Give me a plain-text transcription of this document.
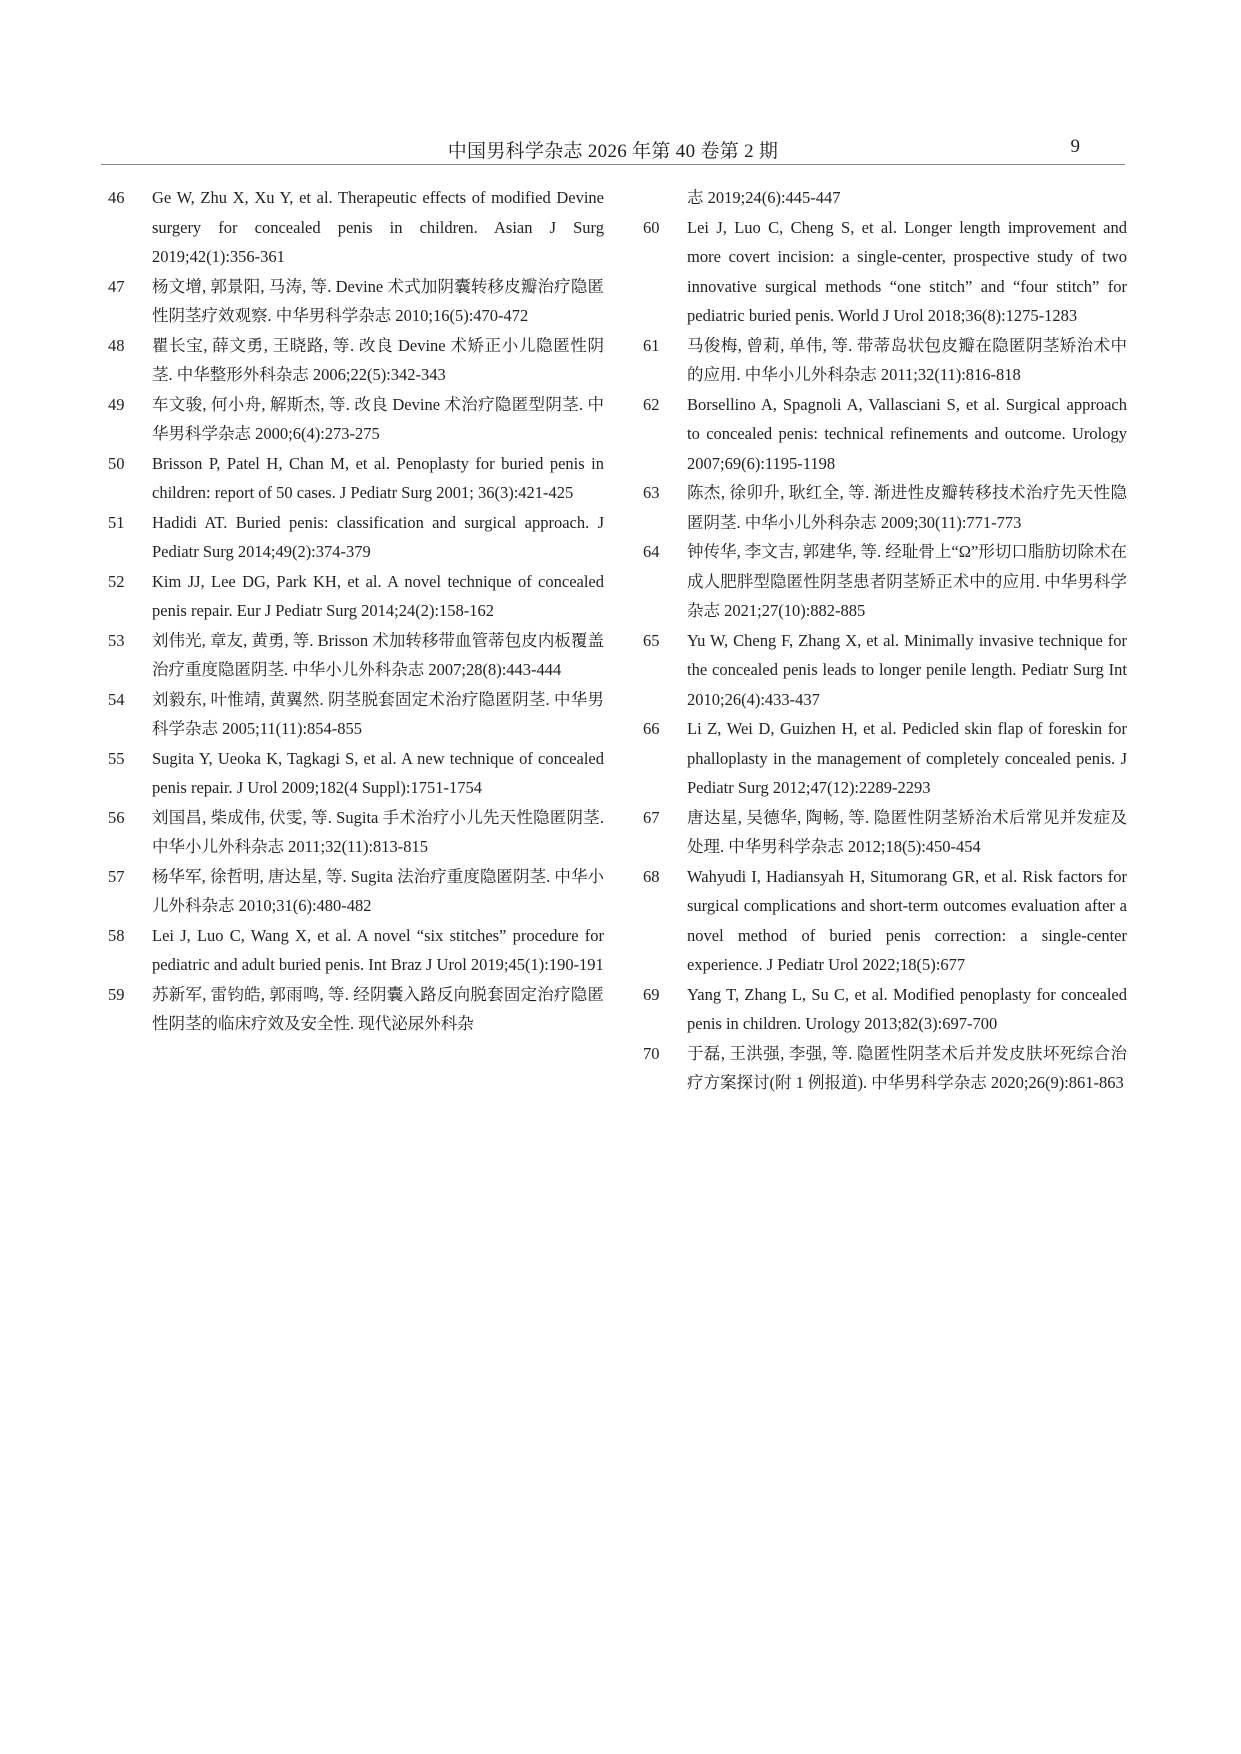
中国男科学杂志 2026 年第 40 卷第 2 期	9
46 Ge W, Zhu X, Xu Y, et al. Therapeutic effects of modified Devine surgery for concealed penis in children. Asian J Surg 2019;42(1):356-361
47 杨文增, 郭景阳, 马涛, 等. Devine 术式加阴囊转移皮瓣治疗隐匿性阴茎疗效观察. 中华男科学杂志 2010;16(5):470-472
48 瞿长宝, 薛文勇, 王晓路, 等. 改良 Devine 术矫正小儿隐匿性阴茎. 中华整形外科杂志 2006;22(5):342-343
49 车文骏, 何小舟, 解斯杰, 等. 改良 Devine 术治疗隐匿型阴茎. 中华男科学杂志 2000;6(4):273-275
50 Brisson P, Patel H, Chan M, et al. Penoplasty for buried penis in children: report of 50 cases. J Pediatr Surg 2001; 36(3):421-425
51 Hadidi AT. Buried penis: classification and surgical approach. J Pediatr Surg 2014;49(2):374-379
52 Kim JJ, Lee DG, Park KH, et al. A novel technique of concealed penis repair. Eur J Pediatr Surg 2014;24(2):158-162
53 刘伟光, 章友, 黄勇, 等. Brisson 术加转移带血管蒂包皮内板覆盖治疗重度隐匿阴茎. 中华小儿外科杂志 2007;28(8):443-444
54 刘毅东, 叶惟靖, 黄翼然. 阴茎脱套固定术治疗隐匿阴茎. 中华男科学杂志 2005;11(11):854-855
55 Sugita Y, Ueoka K, Tagkagi S, et al. A new technique of concealed penis repair. J Urol 2009;182(4 Suppl):1751-1754
56 刘国昌, 柴成伟, 伏雯, 等. Sugita 手术治疗小儿先天性隐匿阴茎. 中华小儿外科杂志 2011;32(11):813-815
57 杨华军, 徐哲明, 唐达星, 等. Sugita 法治疗重度隐匿阴茎. 中华小儿外科杂志 2010;31(6):480-482
58 Lei J, Luo C, Wang X, et al. A novel “six stitches” procedure for pediatric and adult buried penis. Int Braz J Urol 2019;45(1):190-191
59 苏新军, 雷钧皓, 郭雨鸣, 等. 经阴囊入路反向脱套固定治疗隐匿性阴茎的临床疗效及安全性. 现代泌尿外科杂
志 2019;24(6):445-447
60 Lei J, Luo C, Cheng S, et al. Longer length improvement and more covert incision: a single-center, prospective study of two innovative surgical methods “one stitch” and “four stitch” for pediatric buried penis. World J Urol 2018;36(8):1275-1283
61 马俊梅, 曾莉, 单伟, 等. 带蒂岛状包皮瓣在隐匿阴茎矫治术中的应用. 中华小儿外科杂志 2011;32(11):816-818
62 Borsellino A, Spagnoli A, Vallasciani S, et al. Surgical approach to concealed penis: technical refinements and outcome. Urology 2007;69(6):1195-1198
63 陈杰, 徐卯升, 耿红全, 等. 渐进性皮瓣转移技术治疗先天性隐匿阴茎. 中华小儿外科杂志 2009;30(11):771-773
64 钟传华, 李文吉, 郭建华, 等. 经耻骨上“Ω”形切口脂肪切除术在成人肥胖型隐匿性阴茎患者阴茎矫正术中的应用. 中华男科学杂志 2021;27(10):882-885
65 Yu W, Cheng F, Zhang X, et al. Minimally invasive technique for the concealed penis leads to longer penile length. Pediatr Surg Int 2010;26(4):433-437
66 Li Z, Wei D, Guizhen H, et al. Pedicled skin flap of foreskin for phalloplasty in the management of completely concealed penis. J Pediatr Surg 2012;47(12):2289-2293
67 唐达星, 吴德华, 陶畅, 等. 隐匿性阴茎矫治术后常见并发症及处理. 中华男科学杂志 2012;18(5):450-454
68 Wahyudi I, Hadiansyah H, Situmorang GR, et al. Risk factors for surgical complications and short-term outcomes evaluation after a novel method of buried penis correction: a single-center experience. J Pediatr Urol 2022;18(5):677
69 Yang T, Zhang L, Su C, et al. Modified penoplasty for concealed penis in children. Urology 2013;82(3):697-700
70 于磊, 王洪强, 李强, 等. 隐匿性阴茎术后并发皮肤坏死综合治疗方案探讨(附 1 例报道). 中华男科学杂志 2020;26(9):861-863
